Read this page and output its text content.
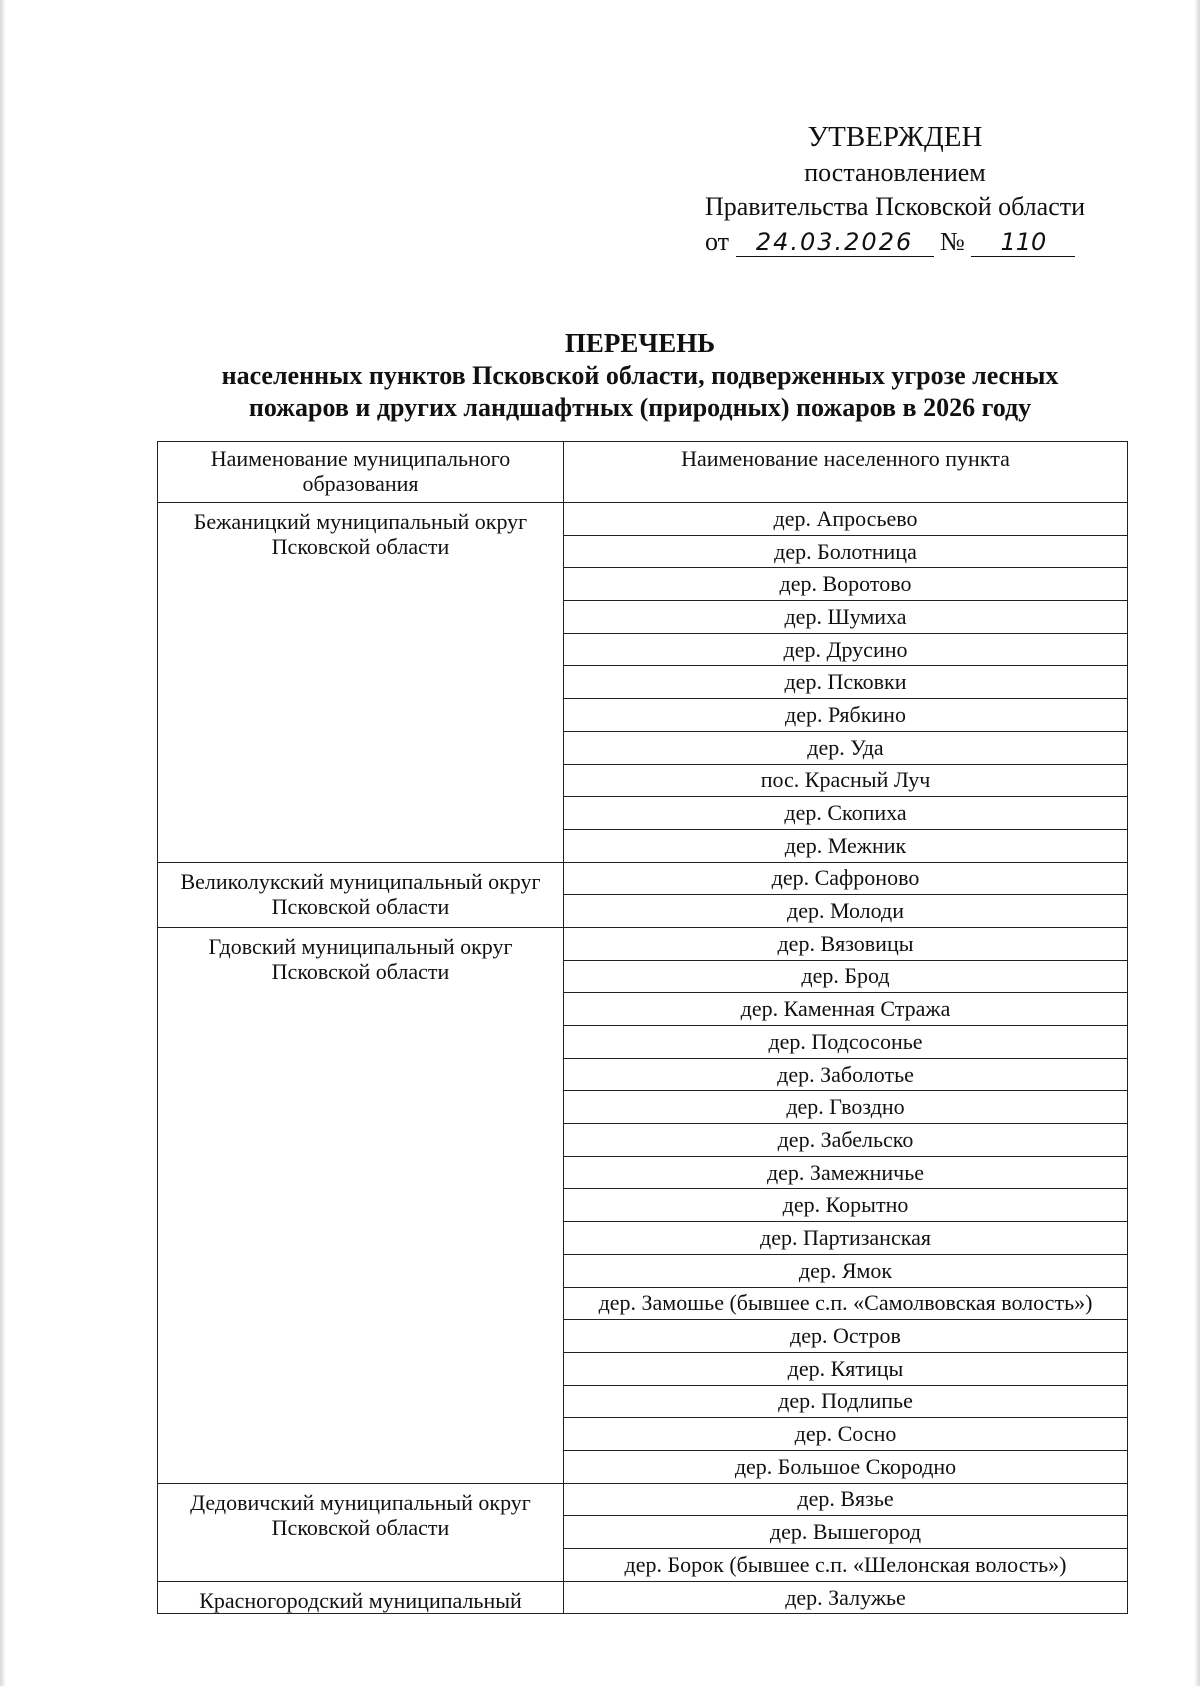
УТВЕРЖДЕН
постановлением
Правительства Псковской области
от 24.03.2026 № 110
ПЕРЕЧЕНЬ
населенных пунктов Псковской области, подверженных угрозе лесных
пожаров и других ландшафтных (природных) пожаров в 2026 году
Наименование муниципального образования	Наименование населенного пункта
Бежаницкий муниципальный округ Псковской области	дер. Апросьево
	дер. Болотница
	дер. Воротово
	дер. Шумиха
	дер. Друсино
	дер. Псковки
	дер. Рябкино
	дер. Уда
	пос. Красный Луч
	дер. Скопиха
	дер. Межник
Великолукский муниципальный округ Псковской области	дер. Сафроново
	дер. Молоди
Гдовский муниципальный округ Псковской области	дер. Вязовицы
	дер. Брод
	дер. Каменная Стража
	дер. Подсосонье
	дер. Заболотье
	дер. Гвоздно
	дер. Забельско
	дер. Замежничье
	дер. Корытно
	дер. Партизанская
	дер. Ямок
	дер. Замошье (бывшее с.п. «Самолвовская волость»)
	дер. Остров
	дер. Кятицы
	дер. Подлипье
	дер. Сосно
	дер. Большое Скородно
Дедовичский муниципальный округ Псковской области	дер. Вязье
	дер. Вышегород
	дер. Борок (бывшее с.п. «Шелонская волость»)
Красногородский муниципальный	дер. Залужье
